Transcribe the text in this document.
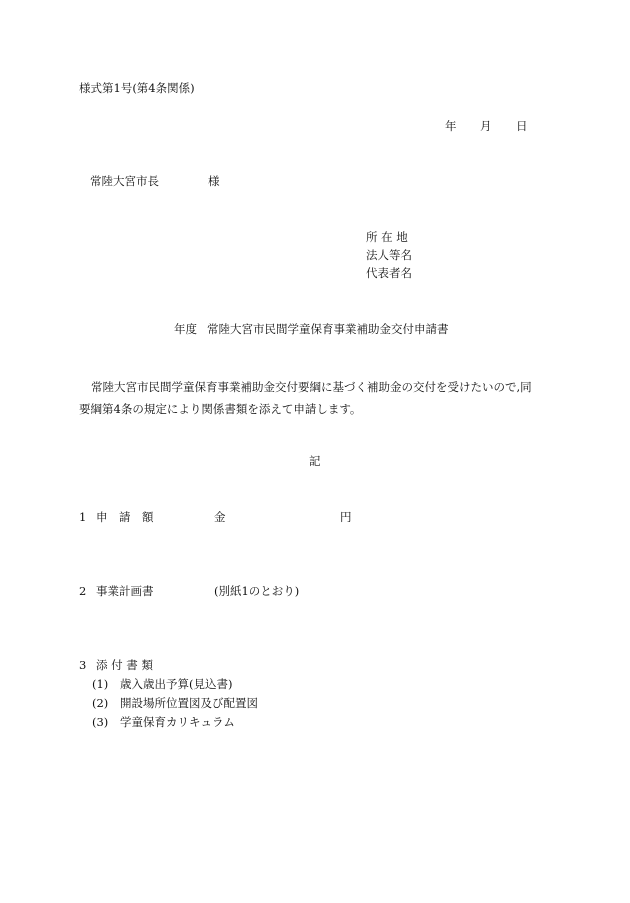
様式第1号(第4条関係)
年 月 日
常陸大宮市長	様
所 在 地
法人等名
代表者名
年度 常陸大宮市民間学童保育事業補助金交付申請書
常陸大宮市民間学童保育事業補助金交付要綱に基づく補助金の交付を受けたいので,同
要綱第4条の規定により関係書類を添えて申請します。
記
1 申　請　額	金	円
2 事業計画書	(別紙1のとおり)
3 添 付 書 類
(1) 歳入歳出予算(見込書)
(2) 開設場所位置図及び配置図
(3) 学童保育カリキュラム
